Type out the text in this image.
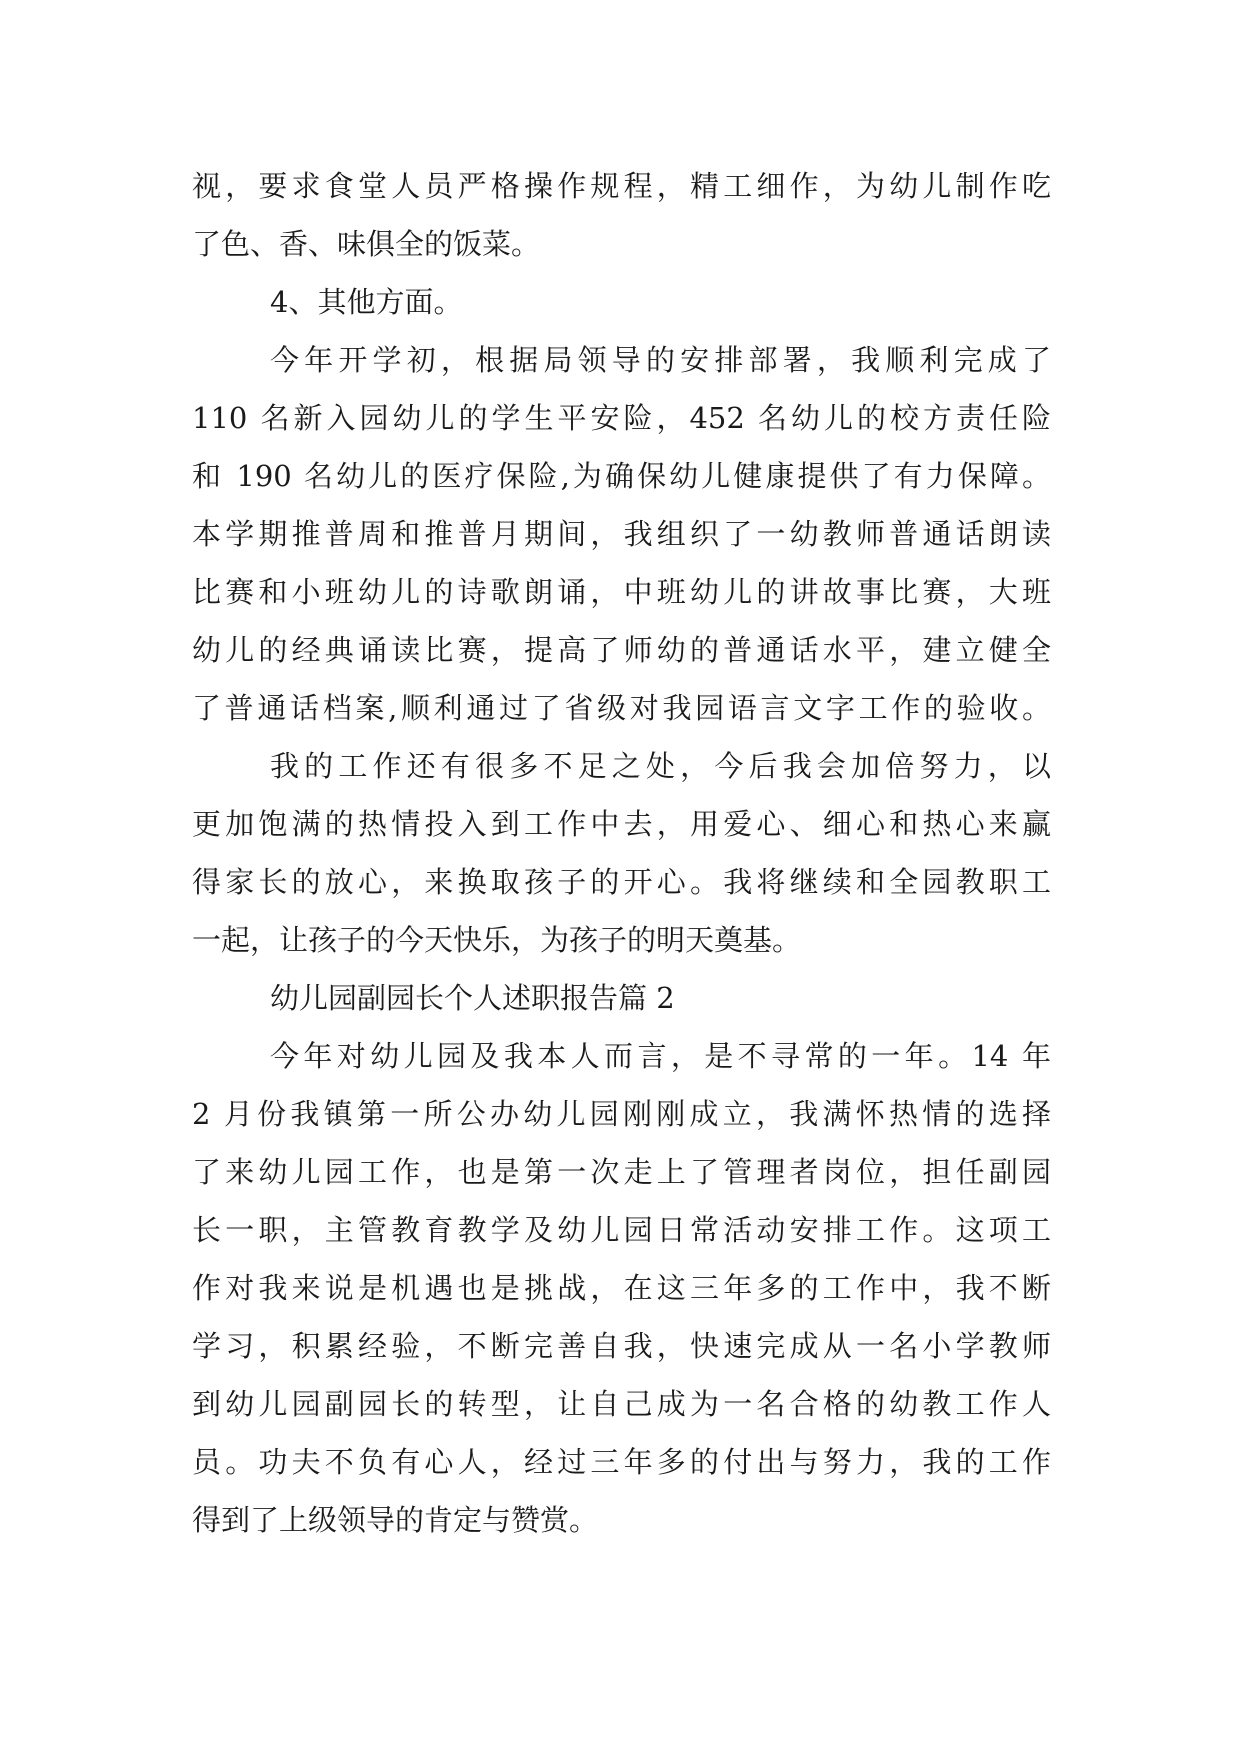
视，要求食堂人员严格操作规程，精工细作，为幼儿制作吃
了色、香、味俱全的饭菜。
4、其他方面。
今年开学初，根据局领导的安排部署，我顺利完成了
110 名新入园幼儿的学生平安险，452 名幼儿的校方责任险
和 190 名幼儿的医疗保险,为确保幼儿健康提供了有力保障。
本学期推普周和推普月期间，我组织了一幼教师普通话朗读
比赛和小班幼儿的诗歌朗诵，中班幼儿的讲故事比赛，大班
幼儿的经典诵读比赛，提高了师幼的普通话水平，建立健全
了普通话档案,顺利通过了省级对我园语言文字工作的验收。
我的工作还有很多不足之处，今后我会加倍努力，以
更加饱满的热情投入到工作中去，用爱心、细心和热心来赢
得家长的放心，来换取孩子的开心。我将继续和全园教职工
一起，让孩子的今天快乐，为孩子的明天奠基。
幼儿园副园长个人述职报告篇 2
今年对幼儿园及我本人而言，是不寻常的一年。14 年
2 月份我镇第一所公办幼儿园刚刚成立，我满怀热情的选择
了来幼儿园工作，也是第一次走上了管理者岗位，担任副园
长一职，主管教育教学及幼儿园日常活动安排工作。这项工
作对我来说是机遇也是挑战，在这三年多的工作中，我不断
学习，积累经验，不断完善自我，快速完成从一名小学教师
到幼儿园副园长的转型，让自己成为一名合格的幼教工作人
员。功夫不负有心人，经过三年多的付出与努力，我的工作
得到了上级领导的肯定与赞赏。
